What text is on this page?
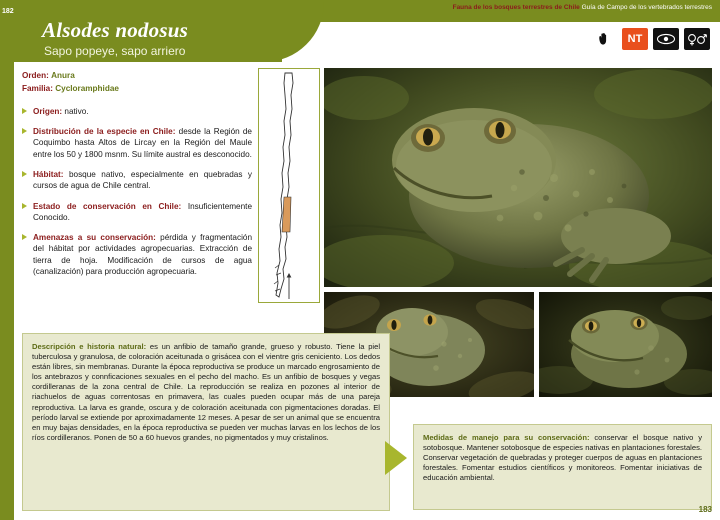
182
Alsodes nodosus
Sapo popeye, sapo arriero
Fauna de los bosques terrestres de Chile Guía de Campo de los vertebrados terrestres
NT
Orden: Anura
Familia: Cycloramphidae
Origen: nativo.
Distribución de la especie en Chile: desde la Región de Coquimbo hasta Altos de Lircay en la Región del Maule entre los 50 y 1800 msnm. Su límite austral es desconocido.
Hábitat: bosque nativo, especialmente en quebradas y cursos de agua de Chile central.
Estado de conservación en Chile: Insuficientemente Conocido.
Amenazas a su conservación: pérdida y fragmentación del hábitat por actividades agropecuarias. Extracción de tierra de hoja. Modificación de cursos de agua (canalización) para producción agropecuaria.
Descripción e historia natural: es un anfibio de tamaño grande, grueso y robusto. Tiene la piel tuberculosa y granulosa, de coloración aceitunada o grisácea con el vientre gris ceniciento. Los dedos están libres, sin membranas. Durante la época reproductiva se produce un marcado engrosamiento de los antebrazos y connficaciones sexuales en el pecho del macho. Es un anfibio de bosques y vegas cordilleranas de la zona central de Chile. La reproducción se realiza en pozones al interior de riachuelos de aguas correntosas en primavera, las cuales pueden ocupar más de una pareja reproductiva. La larva es grande, oscura y de coloración aceitunada con pigmentaciones doradas. El período larval se extiende por aproximadamente 12 meses. A pesar de ser un animal que se encuentra en muy bajas densidades, en la época reproductiva se pueden ver muchas larvas en los lechos de los ríos cordilleranos. Ponen de 50 a 60 huevos grandes, no pigmentados y muy cristalinos.	Medidas de manejo para su conservación: conservar el bosque nativo y sotobosque. Mantener sotobosque de especies nativas en plantaciones forestales. Conservar vegetación de quebradas y proteger cuerpos de aguas en plantaciones forestales. Fomentar estudios científicos y monitoreos. Fomentar iniciativas de educación ambiental.
183
